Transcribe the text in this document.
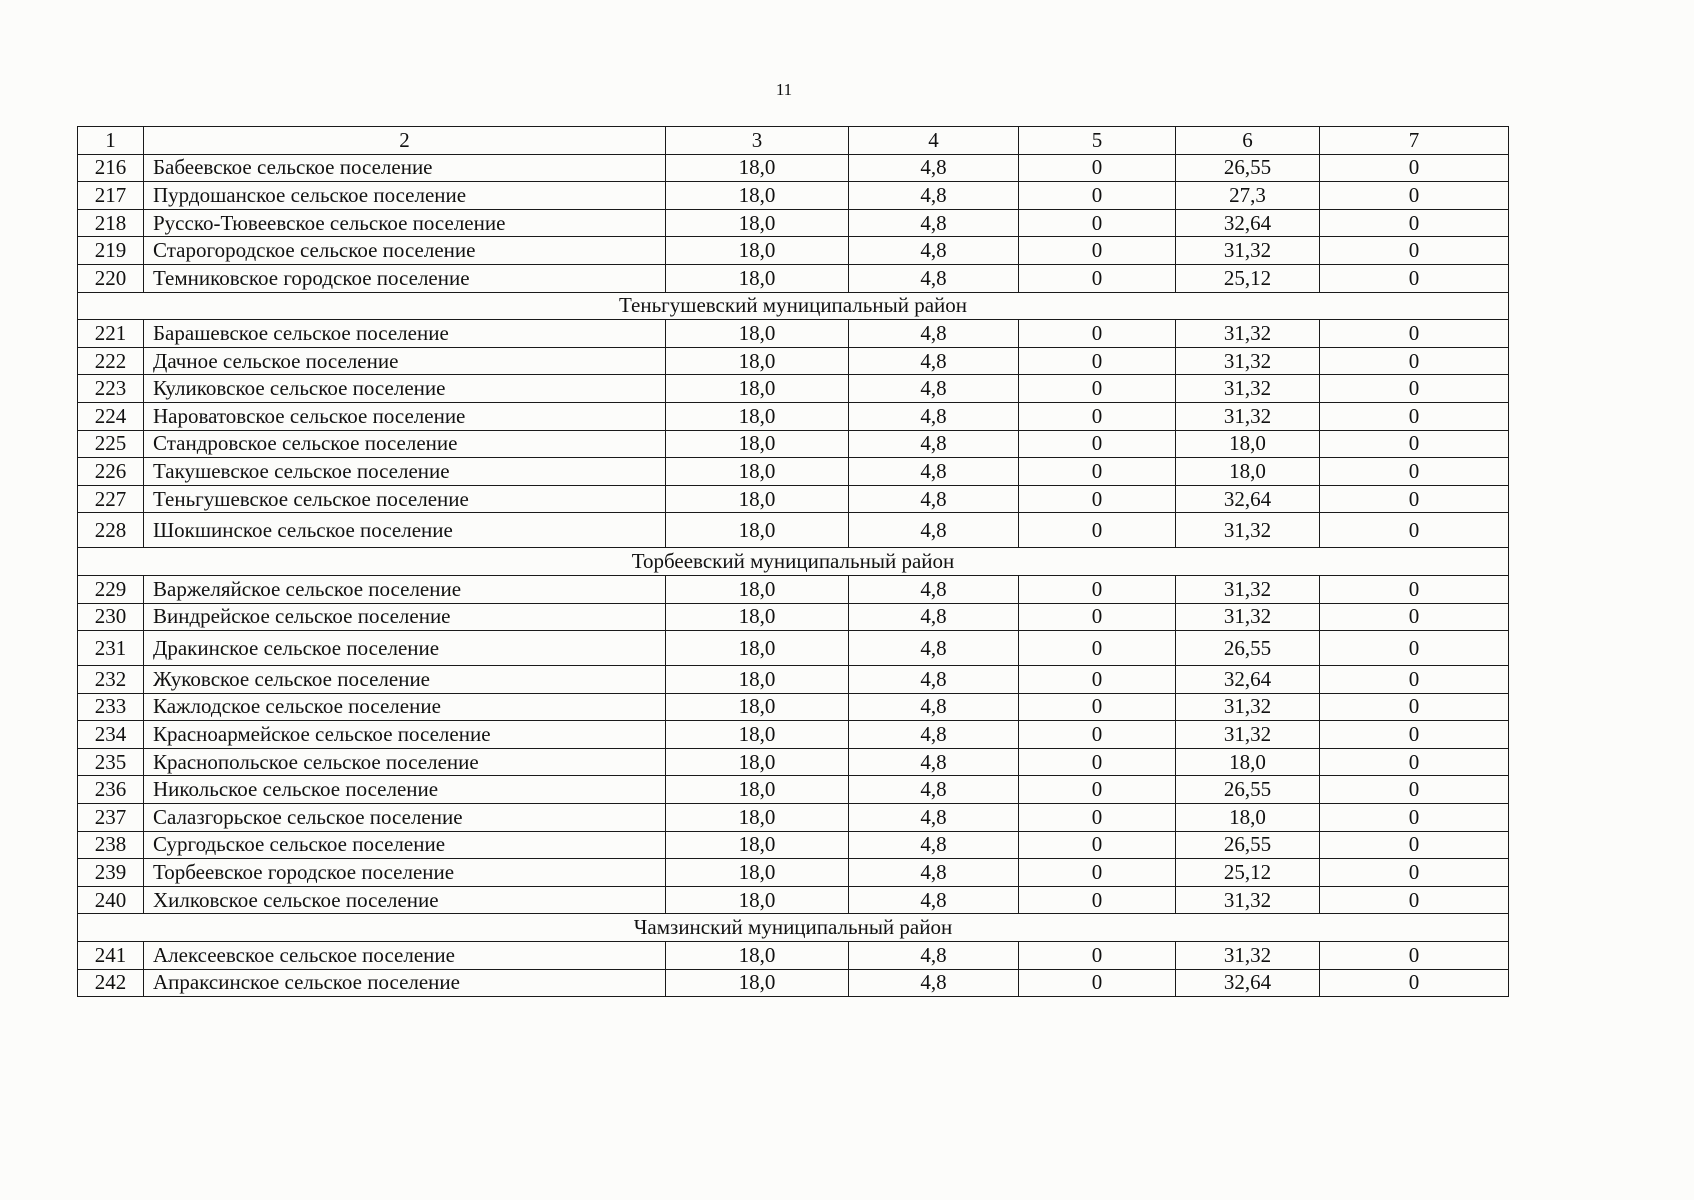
11
1	2	3	4	5	6	7
216	Бабеевское сельское поселение	18,0	4,8	0	26,55	0
217	Пурдошанское сельское поселение	18,0	4,8	0	27,3	0
218	Русско-Тювеевское сельское поселение	18,0	4,8	0	32,64	0
219	Старогородское сельское поселение	18,0	4,8	0	31,32	0
220	Темниковское городское поселение	18,0	4,8	0	25,12	0
Теньгушевский муниципальный район						
221	Барашевское сельское поселение	18,0	4,8	0	31,32	0
222	Дачное сельское поселение	18,0	4,8	0	31,32	0
223	Куликовское сельское поселение	18,0	4,8	0	31,32	0
224	Нароватовское сельское поселение	18,0	4,8	0	31,32	0
225	Стандровское сельское поселение	18,0	4,8	0	18,0	0
226	Такушевское сельское поселение	18,0	4,8	0	18,0	0
227	Теньгушевское сельское поселение	18,0	4,8	0	32,64	0
228	Шокшинское сельское поселение	18,0	4,8	0	31,32	0
Торбеевский муниципальный район						
229	Варжеляйское сельское поселение	18,0	4,8	0	31,32	0
230	Виндрейское сельское поселение	18,0	4,8	0	31,32	0
231	Дракинское сельское поселение	18,0	4,8	0	26,55	0
232	Жуковское сельское поселение	18,0	4,8	0	32,64	0
233	Кажлодское сельское поселение	18,0	4,8	0	31,32	0
234	Красноармейское сельское поселение	18,0	4,8	0	31,32	0
235	Краснопольское сельское поселение	18,0	4,8	0	18,0	0
236	Никольское сельское поселение	18,0	4,8	0	26,55	0
237	Салазгорьское сельское поселение	18,0	4,8	0	18,0	0
238	Сургодьское сельское поселение	18,0	4,8	0	26,55	0
239	Торбеевское городское поселение	18,0	4,8	0	25,12	0
240	Хилковское сельское поселение	18,0	4,8	0	31,32	0
Чамзинский муниципальный район						
241	Алексеевское сельское поселение	18,0	4,8	0	31,32	0
242	Апраксинское сельское поселение	18,0	4,8	0	32,64	0
